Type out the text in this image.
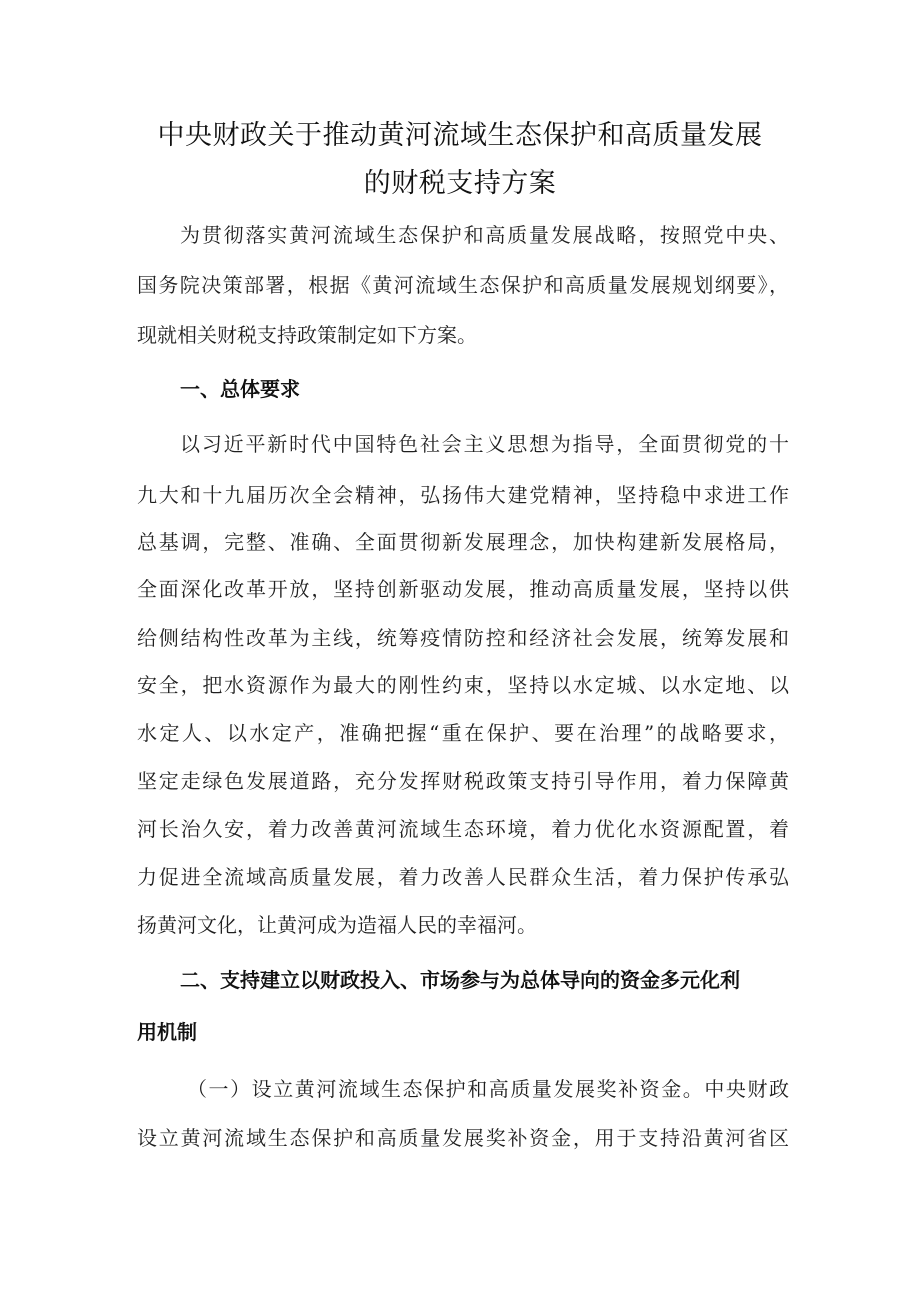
中央财政关于推动黄河流域生态保护和高质量发展
的财税支持方案
为贯彻落实黄河流域生态保护和高质量发展战略，按照党中央、
国务院决策部署，根据《黄河流域生态保护和高质量发展规划纲要》，
现就相关财税支持政策制定如下方案。
一、总体要求
以习近平新时代中国特色社会主义思想为指导，全面贯彻党的十
九大和十九届历次全会精神，弘扬伟大建党精神，坚持稳中求进工作
总基调，完整、准确、全面贯彻新发展理念，加快构建新发展格局，
全面深化改革开放，坚持创新驱动发展，推动高质量发展，坚持以供
给侧结构性改革为主线，统筹疫情防控和经济社会发展，统筹发展和
安全，把水资源作为最大的刚性约束，坚持以水定城、以水定地、以
水定人、以水定产，准确把握“重在保护、要在治理”的战略要求，
坚定走绿色发展道路，充分发挥财税政策支持引导作用，着力保障黄
河长治久安，着力改善黄河流域生态环境，着力优化水资源配置，着
力促进全流域高质量发展，着力改善人民群众生活，着力保护传承弘
扬黄河文化，让黄河成为造福人民的幸福河。
二、支持建立以财政投入、市场参与为总体导向的资金多元化利
用机制
（一）设立黄河流域生态保护和高质量发展奖补资金。中央财政
设立黄河流域生态保护和高质量发展奖补资金，用于支持沿黄河省区
